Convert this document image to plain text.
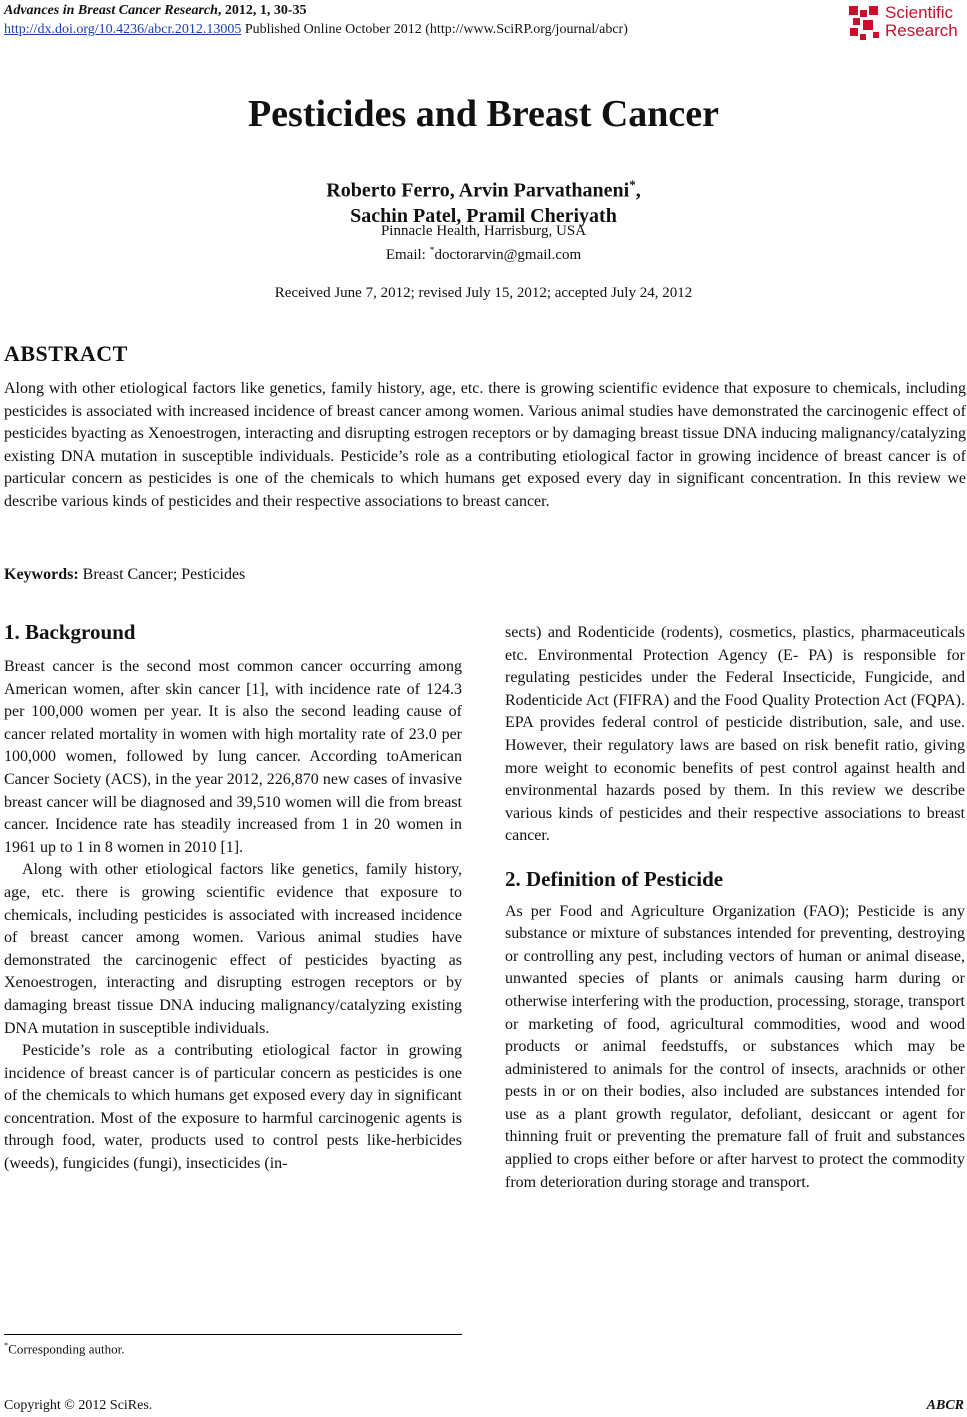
Advances in Breast Cancer Research, 2012, 1, 30-35
http://dx.doi.org/10.4236/abcr.2012.13005 Published Online October 2012 (http://www.SciRP.org/journal/abcr)
Scientific
Research
Pesticides and Breast Cancer
Roberto Ferro, Arvin Parvathaneni*,
Sachin Patel, Pramil Cheriyath
Pinnacle Health, Harrisburg, USA
Email: *doctorarvin@gmail.com
Received June 7, 2012; revised July 15, 2012; accepted July 24, 2012
ABSTRACT
Along with other etiological factors like genetics, family history, age, etc. there is growing scientific evidence that exposure to chemicals, including pesticides is associated with increased incidence of breast cancer among women. Various animal studies have demonstrated the carcinogenic effect of pesticides byacting as Xenoestrogen, interacting and disrupting estrogen receptors or by damaging breast tissue DNA inducing malignancy/catalyzing existing DNA mutation in susceptible individuals. Pesticide’s role as a contributing etiological factor in growing incidence of breast cancer is of particular concern as pesticides is one of the chemicals to which humans get exposed every day in significant concentration. In this review we describe various kinds of pesticides and their respective associations to breast cancer.
Keywords: Breast Cancer; Pesticides
1. Background

Breast cancer is the second most common cancer occurring among American women, after skin cancer [1], with incidence rate of 124.3 per 100,000 women per year. It is also the second leading cause of cancer related mortality in women with high mortality rate of 23.0 per 100,000 women, followed by lung cancer. According toAmerican Cancer Society (ACS), in the year 2012, 226,870 new cases of invasive breast cancer will be diagnosed and 39,510 women will die from breast cancer. Incidence rate has steadily increased from 1 in 20 women in 1961 up to 1 in 8 women in 2010 [1].

Along with other etiological factors like genetics, family history, age, etc. there is growing scientific evidence that exposure to chemicals, including pesticides is associated with increased incidence of breast cancer among women. Various animal studies have demonstrated the carcinogenic effect of pesticides byacting as Xenoestrogen, interacting and disrupting estrogen receptors or by damaging breast tissue DNA inducing malignancy/catalyzing existing DNA mutation in susceptible individuals.

Pesticide’s role as a contributing etiological factor in growing incidence of breast cancer is of particular concern as pesticides is one of the chemicals to which humans get exposed every day in significant concentration. Most of the exposure to harmful carcinogenic agents is through food, water, products used to control pests like-herbicides (weeds), fungicides (fungi), insecticides (in-

*Corresponding author.

sects) and Rodenticide (rodents), cosmetics, plastics, pharmaceuticals etc. Environmental Protection Agency (E- PA) is responsible for regulating pesticides under the Federal Insecticide, Fungicide, and Rodenticide Act (FIFRA) and the Food Quality Protection Act (FQPA). EPA provides federal control of pesticide distribution, sale, and use. However, their regulatory laws are based on risk benefit ratio, giving more weight to economic benefits of pest control against health and environmental hazards posed by them. In this review we describe various kinds of pesticides and their respective associations to breast cancer.

2. Definition of Pesticide

As per Food and Agriculture Organization (FAO); Pesticide is any substance or mixture of substances intended for preventing, destroying or controlling any pest, including vectors of human or animal disease, unwanted species of plants or animals causing harm during or otherwise interfering with the production, processing, storage, transport or marketing of food, agricultural commodities, wood and wood products or animal feedstuffs, or substances which may be administered to animals for the control of insects, arachnids or other pests in or on their bodies, also included are substances intended for use as a plant growth regulator, defoliant, desiccant or agent for thinning fruit or preventing the premature fall of fruit and substances applied to crops either before or after harvest to protect the commodity from deterioration during storage and transport.

Copyright © 2012 SciRes.	ABCR
